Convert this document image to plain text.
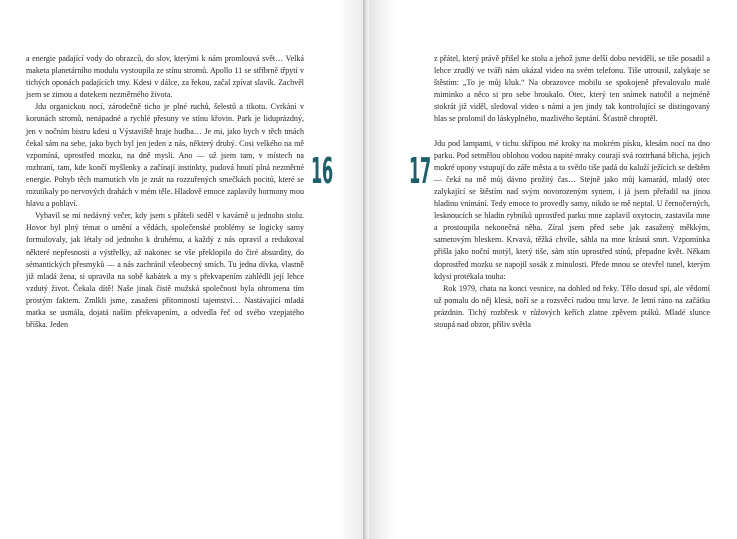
a energie padající vody do obrazců, do slov, kterými k nám promlouvá svět… Velká maketa planetárního modulu vystoupila ze stínu stromů. Apollo 11 se stříbrně třpytí v tichých oponách padajících tmy. Kdesi v dálce, za řekou, začal zpívat slavík. Zachvěl jsem se zimou a dotekem nezměrného života.

Jdu organickou nocí, zárodečně ticho je plné ruchů, šelestů a tikotu. Cvrkání v korunách stromů, nenápadné a rychlé přesuny ve stínu křovin. Park je liduprázdný, jen v nočním bistru kdesi u Výstaviště hraje hudba… Je mi, jako bych v těch tmách čekal sám na sebe, jako bych byl jen jeden z nás, některý druhý. Cosi velkého na mě vzpomíná, uprostřed mozku, na dně mysli. Ano — už jsem tam, v místech na rozhraní, tam, kde končí myšlenky a začínají instinkty, pudová hnutí plná nezměrné energie. Pohyb těch mamutích vln je znát na rozzuřených smečkách pocitů, které se rozutíkaly po nervových drahách v mém těle. Hladově emoce zaplavily hormony mou hlavu a pohlaví.

Vybavil se mi nedávný večer, kdy jsem s přáteli seděl v kavárně u jednoho stolu. Hovor byl plný témat o umění a vědách, společenské problémy se logicky samy formulovaly, jak létaly od jednoho k druhému, a každý z nás opravil a redukoval některé nepřesnosti a výstřelky, až nakonec se vše překlopilo do čiré absurdity, do sémantických přesmyků — a nás zachránil všeobecný smích. Tu jedna dívka, vlastně již mladá žena, si upravila na sobě kabátek a my s překvapením zahlédli její lehce vzdutý život. Čekala dítě! Naše jinak čistě mužská společnost byla ohromena tím prostým faktem. Zmlkli jsme, zasaženi přítomností tajemství… Nastávající mladá matka se usmála, dojatá naším překvapením, a odvedla řeč od svého vzepjatého bříška. Jeden

16 17

z přátel, který právě přišel ke stolu a jehož jsme delší dobu neviděli, se tiše posadil a lehce zrudlý ve tváři nám ukázal video na svém telefonu. Tiše utrousil, zalykaje se štěstím: „To je můj kluk.“ Na obrazovce mobilu se spokojeně převalovalo malé miminko a něco si pro sebe broukalo. Otec, který ten snímek natočil a nejméně stokrát již viděl, sledoval video s námi a jen jindy tak kontrolující se distingovaný hlas se prolomil do láskyplného, mazlivého šeptání. Šťastně chroptěl.

Jdu pod lampami, v tichu skřípou mé kroky na mokrém písku, klesám nocí na dno parku. Pod setmělou oblohou vodou napité mraky courají svá roztrhaná břicha, jejich mokré opony vstupují do záře města a to světlo tiše padá do kaluží ježících se deštěm — čeká na mě můj dávno prožitý čas… Stejně jako můj kamarád, mladý otec zalykající se štěstím nad svým novorozeným synem, i já jsem přeřadil na jinou hladinu vnímání. Tedy emoce to provedly samy, nikdo se mě neptal. U černočerných, lesknoucích se hladin rybníků uprostřed parku mne zaplavil oxytocin, zastavila mne a prostoupila nekonečná něha. Zíral jsem před sebe jak zasažený měkkým, sametovým bleskem. Krvavá, těžká chvíle, sáhla na mne krásná smrt. Vzpomínka přišla jako noční motýl, který tiše, sám stín uprostřed stínů, přepadne květ. Někam doprostřed mozku se napojil sosák z minulosti. Přede mnou se otevřel tunel, kterým kdysi protékala touha:

Rok 1979, chata na konci vesnice, na dohled od řeky. Tělo dosud spí, ale vědomí už pomalu do něj klesá, noří se a rozsvěcí rudou tmu krve. Je letní ráno na začátku prázdnin. Tichý rozbřesk v růžových keřích zlatne zpěvem ptáků. Mladé slunce stoupá nad obzor, příliv světla
